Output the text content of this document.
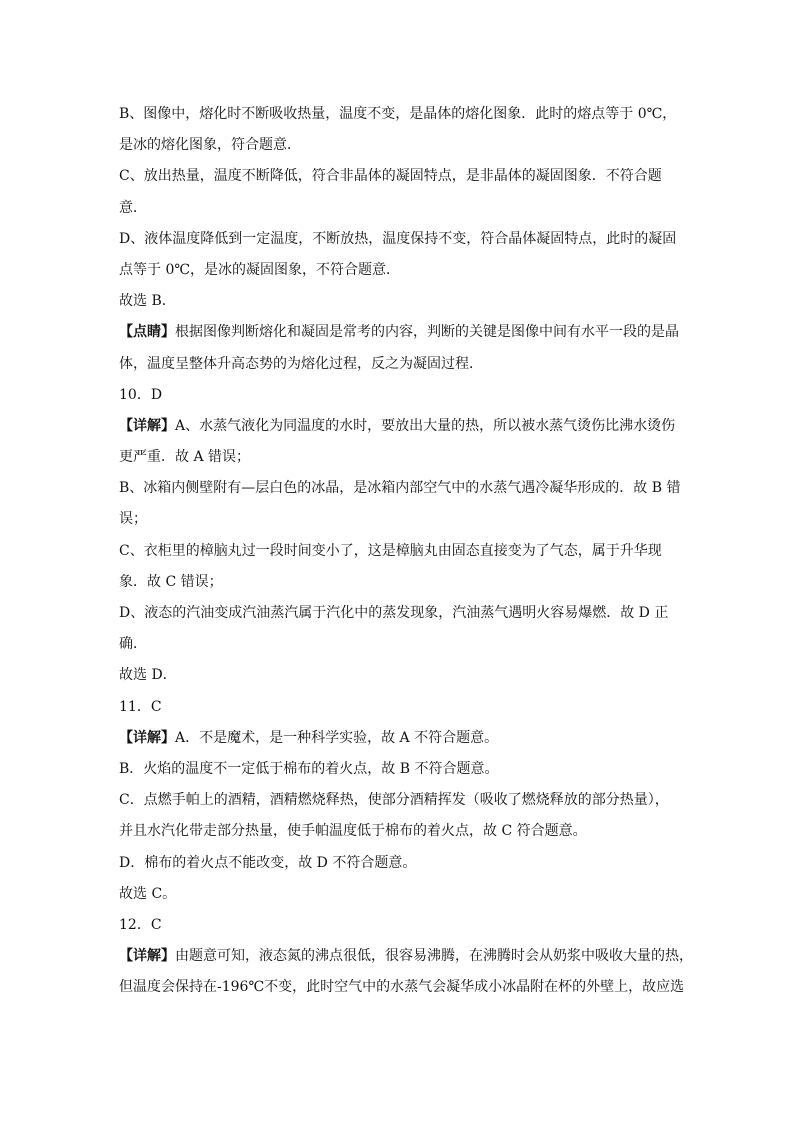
B、图像中，熔化时不断吸收热量，温度不变，是晶体的熔化图象．此时的熔点等于 0℃，
是冰的熔化图象，符合题意．
C、放出热量，温度不断降低，符合非晶体的凝固特点，是非晶体的凝固图象．不符合题
意．
D、液体温度降低到一定温度，不断放热，温度保持不变，符合晶体凝固特点，此时的凝固
点等于 0℃，是冰的凝固图象，不符合题意．
故选 B．
【点睛】根据图像判断熔化和凝固是常考的内容，判断的关键是图像中间有水平一段的是晶
体，温度呈整体升高态势的为熔化过程，反之为凝固过程．
10．D
【详解】A、水蒸气液化为同温度的水时，要放出大量的热，所以被水蒸气烫伤比沸水烫伤
更严重．故 A 错误；
B、冰箱内侧壁附有—层白色的冰晶，是冰箱内部空气中的水蒸气遇冷凝华形成的．故 B 错
误；
C、衣柜里的樟脑丸过一段时间变小了，这是樟脑丸由固态直接变为了气态，属于升华现
象．故 C 错误；
D、液态的汽油变成汽油蒸汽属于汽化中的蒸发现象，汽油蒸气遇明火容易爆燃．故 D 正
确．
故选 D．
11．C
【详解】A．不是魔术，是一种科学实验，故 A 不符合题意。
B．火焰的温度不一定低于棉布的着火点，故 B 不符合题意。
C．点燃手帕上的酒精，酒精燃烧释热，使部分酒精挥发（吸收了燃烧释放的部分热量），
并且水汽化带走部分热量，使手帕温度低于棉布的着火点，故 C 符合题意。
D．棉布的着火点不能改变，故 D 不符合题意。
故选 C。
12．C
【详解】由题意可知，液态氮的沸点很低，很容易沸腾，在沸腾时会从奶浆中吸收大量的热，
但温度会保持在-196℃不变，此时空气中的水蒸气会凝华成小冰晶附在杯的外壁上，故应选
